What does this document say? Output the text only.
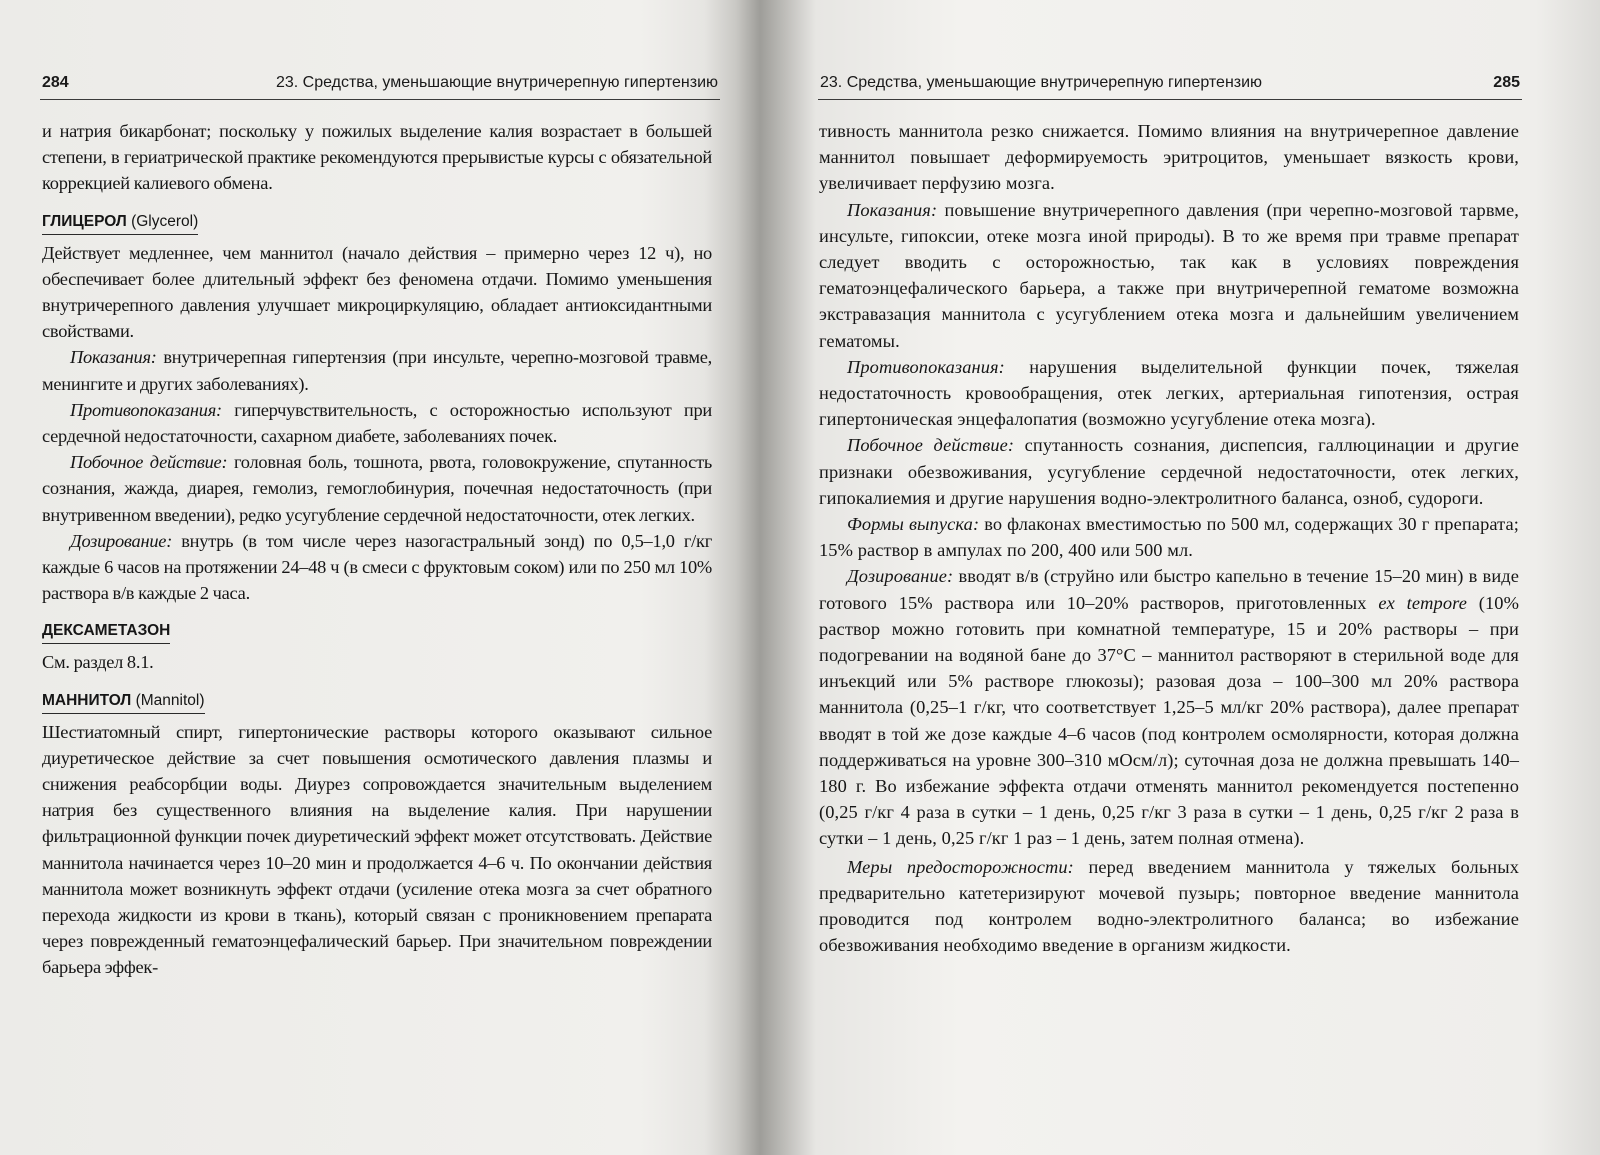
284	23. Средства, уменьшающие внутричерепную гипертензию

и натрия бикарбонат; поскольку у пожилых выделение калия возрастает в большей степени, в гериатрической практике рекомендуются прерывистые курсы с обязательной коррекцией калиевого обмена.

ГЛИЦЕРОЛ (Glycerol)

Действует медленнее, чем маннитол (начало действия – примерно через 12 ч), но обеспечивает более длительный эффект без феномена отдачи. Помимо уменьшения внутричерепного давления улучшает микроциркуляцию, обладает антиоксидантными свойствами.

Показания: внутричерепная гипертензия (при инсульте, черепно-мозговой травме, менингите и других заболеваниях).

Противопоказания: гиперчувствительность, с осторожностью используют при сердечной недостаточности, сахарном диабете, заболеваниях почек.

Побочное действие: головная боль, тошнота, рвота, головокружение, спутанность сознания, жажда, диарея, гемолиз, гемоглобинурия, почечная недостаточность (при внутривенном введении), редко усугубление сердечной недостаточности, отек легких.

Дозирование: внутрь (в том числе через назогастральный зонд) по 0,5–1,0 г/кг каждые 6 часов на протяжении 24–48 ч (в смеси с фруктовым соком) или по 250 мл 10% раствора в/в каждые 2 часа.

ДЕКСАМЕТАЗОН

См. раздел 8.1.

МАННИТОЛ (Mannitol)

Шестиатомный спирт, гипертонические растворы которого оказывают сильное диуретическое действие за счет повышения осмотического давления плазмы и снижения реабсорбции воды. Диурез сопровождается значительным выделением натрия без существенного влияния на выделение калия. При нарушении фильтрационной функции почек диуретический эффект может отсутствовать. Действие маннитола начинается через 10–20 мин и продолжается 4–6 ч. По окончании действия маннитола может возникнуть эффект отдачи (усиление отека мозга за счет обратного перехода жидкости из крови в ткань), который связан с проникновением препарата через поврежденный гематоэнцефалический барьер. При значительном повреждении барьера эффек-

23. Средства, уменьшающие внутричерепную гипертензию	285

тивность маннитола резко снижается. Помимо влияния на внутричерепное давление маннитол повышает деформируемость эритроцитов, уменьшает вязкость крови, увеличивает перфузию мозга.

Показания: повышение внутричерепного давления (при черепно-мозговой тарвме, инсульте, гипоксии, отеке мозга иной природы). В то же время при травме препарат следует вводить с осторожностью, так как в условиях повреждения гематоэнцефалического барьера, а также при внутричерепной гематоме возможна экстравазация маннитола с усугублением отека мозга и дальнейшим увеличением гематомы.

Противопоказания: нарушения выделительной функции почек, тяжелая недостаточность кровообращения, отек легких, артериальная гипотензия, острая гипертоническая энцефалопатия (возможно усугубление отека мозга).

Побочное действие: спутанность сознания, диспепсия, галлюцинации и другие признаки обезвоживания, усугубление сердечной недостаточности, отек легких, гипокалиемия и другие нарушения водно-электролитного баланса, озноб, судороги.

Формы выпуска: во флаконах вместимостью по 500 мл, содержащих 30 г препарата; 15% раствор в ампулах по 200, 400 или 500 мл.

Дозирование: вводят в/в (струйно или быстро капельно в течение 15–20 мин) в виде готового 15% раствора или 10–20% растворов, приготовленных ex tempore (10% раствор можно готовить при комнатной температуре, 15 и 20% растворы – при подогревании на водяной бане до 37°С – маннитол растворяют в стерильной воде для инъекций или 5% растворе глюкозы); разовая доза – 100–300 мл 20% раствора маннитола (0,25–1 г/кг, что соответствует 1,25–5 мл/кг 20% раствора), далее препарат вводят в той же дозе каждые 4–6 часов (под контролем осмолярности, которая должна поддерживаться на уровне 300–310 мОсм/л); суточная доза не должна превышать 140–180 г. Во избежание эффекта отдачи отменять маннитол рекомендуется постепенно (0,25 г/кг 4 раза в сутки – 1 день, 0,25 г/кг 3 раза в сутки – 1 день, 0,25 г/кг 2 раза в сутки – 1 день, 0,25 г/кг 1 раз – 1 день, затем полная отмена).

Меры предосторожности: перед введением маннитола у тяжелых больных предварительно катетеризируют мочевой пузырь; повторное введение маннитола проводится под контролем водно-электролитного баланса; во избежание обезвоживания необходимо введение в организм жидкости.
